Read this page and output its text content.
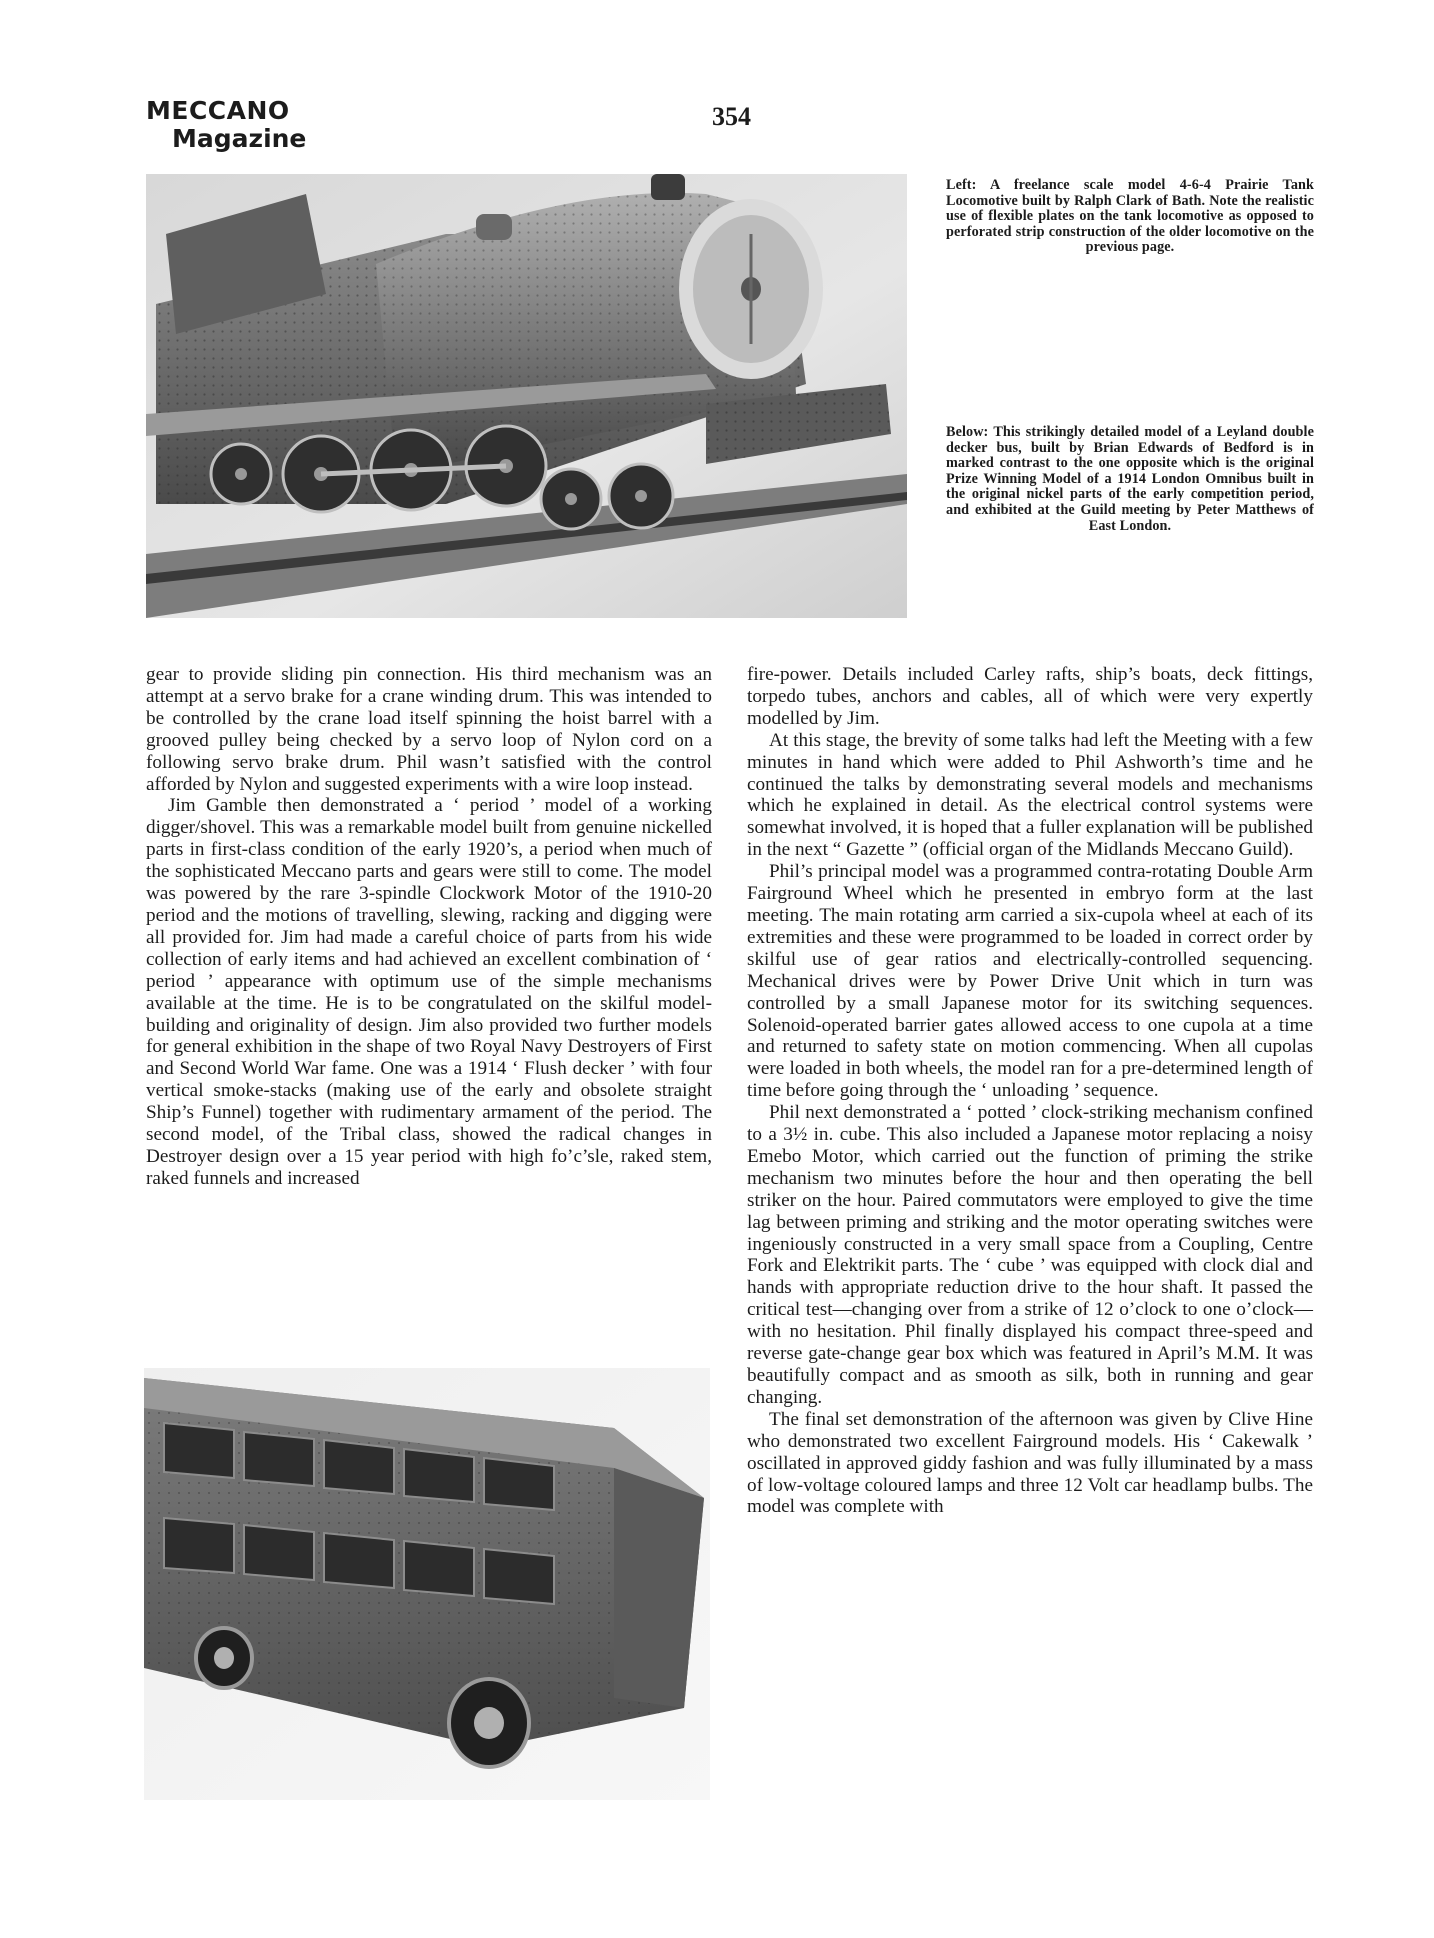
MECCANO
Magazine
354
Left: A freelance scale model 4-6-4 Prairie Tank Locomotive built by Ralph Clark of Bath. Note the realistic use of flexible plates on the tank locomotive as opposed to perforated strip construction of the older locomotive on the previous page.
Below: This strikingly detailed model of a Leyland double decker bus, built by Brian Edwards of Bedford is in marked contrast to the one opposite which is the original Prize Winning Model of a 1914 London Omnibus built in the original nickel parts of the early competition period, and exhibited at the Guild meeting by Peter Matthews of East London.

gear to provide sliding pin connection. His third mechanism was an attempt at a servo brake for a crane winding drum. This was intended to be controlled by the crane load itself spinning the hoist barrel with a grooved pulley being checked by a servo loop of Nylon cord on a following servo brake drum. Phil wasn’t satisfied with the control afforded by Nylon and suggested experiments with a wire loop instead.

Jim Gamble then demonstrated a ‘ period ’ model of a working digger/shovel. This was a remarkable model built from genuine nickelled parts in first-class condition of the early 1920’s, a period when much of the sophisticated Meccano parts and gears were still to come. The model was powered by the rare 3-spindle Clockwork Motor of the 1910-20 period and the motions of travelling, slewing, racking and digging were all provided for. Jim had made a careful choice of parts from his wide collection of early items and had achieved an excellent combination of ‘ period ’ appearance with optimum use of the simple mechanisms available at the time. He is to be congratulated on the skilful model-building and originality of design. Jim also provided two further models for general exhibition in the shape of two Royal Navy Destroyers of First and Second World War fame. One was a 1914 ‘ Flush decker ’ with four vertical smoke-stacks (making use of the early and obsolete straight Ship’s Funnel) together with rudimentary armament of the period. The second model, of the Tribal class, showed the radical changes in Destroyer design over a 15 year period with high fo’c’sle, raked stem, raked funnels and increased

fire-power. Details included Carley rafts, ship’s boats, deck fittings, torpedo tubes, anchors and cables, all of which were very expertly modelled by Jim.

At this stage, the brevity of some talks had left the Meeting with a few minutes in hand which were added to Phil Ashworth’s time and he continued the talks by demonstrating several models and mechanisms which he explained in detail. As the electrical control systems were somewhat involved, it is hoped that a fuller explanation will be published in the next “ Gazette ” (official organ of the Midlands Meccano Guild).

Phil’s principal model was a programmed contra-rotating Double Arm Fairground Wheel which he presented in embryo form at the last meeting. The main rotating arm carried a six-cupola wheel at each of its extremities and these were programmed to be loaded in correct order by skilful use of gear ratios and electrically-controlled sequencing. Mechanical drives were by Power Drive Unit which in turn was controlled by a small Japanese motor for its switching sequences. Solenoid-operated barrier gates allowed access to one cupola at a time and returned to safety state on motion commencing. When all cupolas were loaded in both wheels, the model ran for a pre-determined length of time before going through the ‘ unloading ’ sequence.

Phil next demonstrated a ‘ potted ’ clock-striking mechanism confined to a 3½ in. cube. This also included a Japanese motor replacing a noisy Emebo Motor, which carried out the function of priming the strike mechanism two minutes before the hour and then operating the bell striker on the hour. Paired commutators were employed to give the time lag between priming and striking and the motor operating switches were ingeniously constructed in a very small space from a Coupling, Centre Fork and Elektrikit parts. The ‘ cube ’ was equipped with clock dial and hands with appropriate reduction drive to the hour shaft. It passed the critical test—changing over from a strike of 12 o’clock to one o’clock—with no hesitation. Phil finally displayed his compact three-speed and reverse gate-change gear box which was featured in April’s M.M. It was beautifully compact and as smooth as silk, both in running and gear changing.

The final set demonstration of the afternoon was given by Clive Hine who demonstrated two excellent Fairground models. His ‘ Cakewalk ’ oscillated in approved giddy fashion and was fully illuminated by a mass of low-voltage coloured lamps and three 12 Volt car headlamp bulbs. The model was complete with
